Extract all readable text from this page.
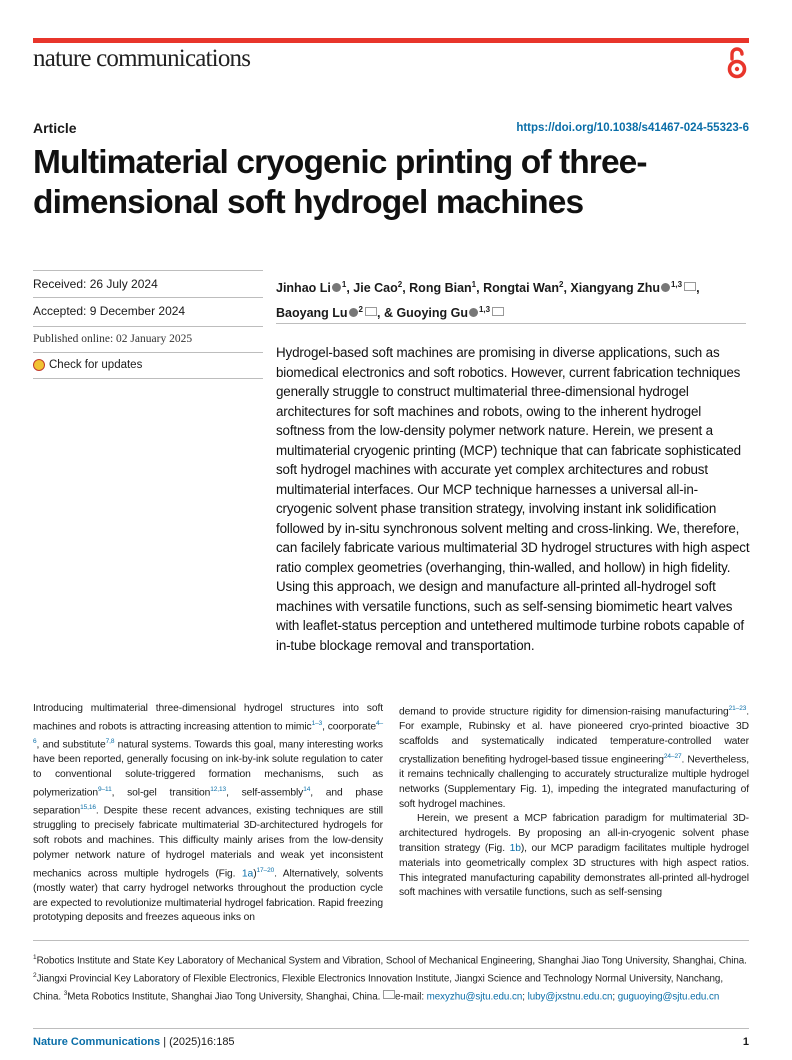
nature communications
Article	https://doi.org/10.1038/s41467-024-55323-6
Multimaterial cryogenic printing of three-
dimensional soft hydrogel machines
Received: 26 July 2024
Accepted: 9 December 2024
Published online: 02 January 2025
Check for updates
Jinhao Li $^1$, Jie Cao$^2$, Rong Bian$^1$, Rongtai Wan$^2$, Xiangyang Zhu $^{1,3}$ , Baoyang Lu $^2$ , & Guoying Gu $^{1,3}$

Hydrogel-based soft machines are promising in diverse applications, such as biomedical electronics and soft robotics. However, current fabrication techniques generally struggle to construct multimaterial three-dimensional hydrogel architectures for soft machines and robots, owing to the inherent hydrogel softness from the low-density polymer network nature. Herein, we present a multimaterial cryogenic printing (MCP) technique that can fabricate sophisticated soft hydrogel machines with accurate yet complex architectures and robust multimaterial interfaces. Our MCP technique harnesses a universal all-in-cryogenic solvent phase transition strategy, involving instant ink solidification followed by in-situ synchronous solvent melting and cross-linking. We, therefore, can facilely fabricate various multimaterial 3D hydrogel structures with high aspect ratio complex geometries (overhanging, thin-walled, and hollow) in high fidelity. Using this approach, we design and manufacture all-printed all-hydrogel soft machines with versatile functions, such as self-sensing biomimetic heart valves with leaflet-status perception and untethered multimode turbine robots capable of in-tube blockage removal and transportation.

Introducing multimaterial three-dimensional hydrogel structures into soft machines and robots is attracting increasing attention to mimic$^{1-3}$, coorporate$^{4-6}$, and substitute$^{7,8}$ natural systems. Towards this goal, many interesting works have been reported, generally focusing on ink-by-ink solute regulation to cater to conventional solute-triggered formation mechanisms, such as polymerization$^{9-11}$, sol-gel transition$^{12,13}$, self-assembly$^{14}$, and phase separation$^{15,16}$. Despite these recent advances, existing techniques are still struggling to precisely fabricate multimaterial 3D-architectured hydrogels for soft robots and machines. This difficulty mainly arises from the low-density polymer network nature of hydrogel materials and weak yet inconsistent mechanics across multiple hydrogels (Fig. 1a)$^{17-20}$. Alternatively, solvents (mostly water) that carry hydrogel networks throughout the production cycle are expected to revolutionize multimaterial hydrogel fabrication. Rapid freezing prototyping deposits and freezes aqueous inks on

demand to provide structure rigidity for dimension-raising manufacturing$^{21-23}$. For example, Rubinsky et al. have pioneered cryo-printed bioactive 3D scaffolds and systematically indicated temperature-controlled water crystallization benefiting hydrogel-based tissue engineering$^{24-27}$. Nevertheless, it remains technically challenging to accurately structuralize multiple hydrogel networks (Supplementary Fig. 1), impeding the integrated manufacturing of soft hydrogel machines.
Herein, we present a MCP fabrication paradigm for multimaterial 3D-architectured hydrogels. By proposing an all-in-cryogenic solvent phase transition strategy (Fig. 1b), our MCP paradigm facilitates multiple hydrogel materials into geometrically complex 3D structures with high aspect ratios. This integrated manufacturing capability demonstrates all-printed all-hydrogel soft machines with versatile functions, such as self-sensing

$^1$Robotics Institute and State Key Laboratory of Mechanical System and Vibration, School of Mechanical Engineering, Shanghai Jiao Tong University, Shanghai, China. $^2$Jiangxi Provincial Key Laboratory of Flexible Electronics, Flexible Electronics Innovation Institute, Jiangxi Science and Technology Normal University, Nanchang, China. $^3$Meta Robotics Institute, Shanghai Jiao Tong University, Shanghai, China. e-mail: mexyzhu@sjtu.edu.cn; luby@jxstnu.edu.cn; guguoying@sjtu.edu.cn

Nature Communications | (2025)16:185	1
